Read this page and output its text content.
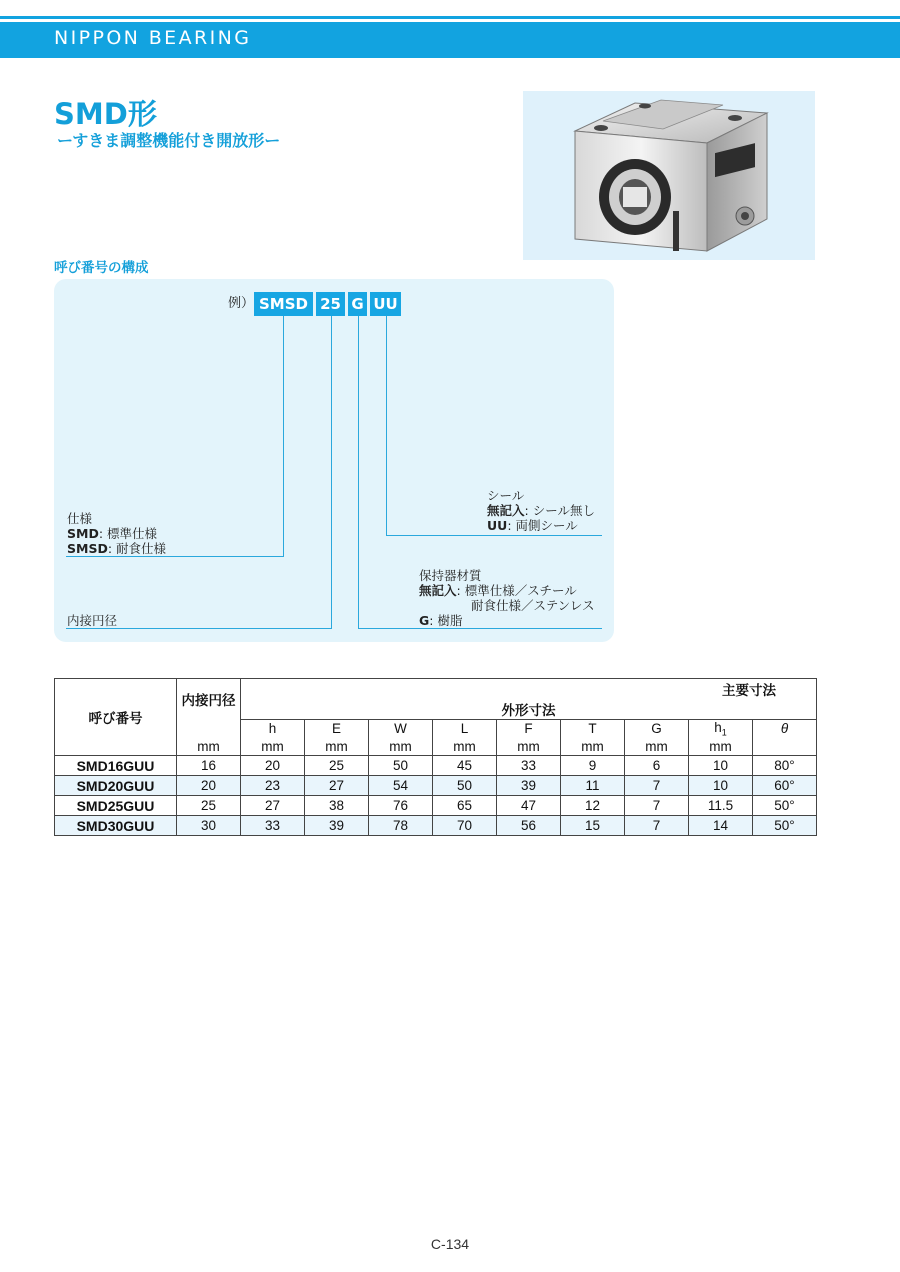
NIPPON BEARING
SMD形
ーすきま調整機能付き開放形ー
呼び番号の構成
例） SMSD 25 G UU
仕様
SMD: 標準仕様
SMSD: 耐食仕様
内接円径
シール
無記入: シール無し
UU: 両側シール
保持器材質
無記入: 標準仕様／スチール
耐食仕様／ステンレス
G: 樹脂
呼び番号	内接円径	主要寸法								
		外形寸法								
		h	E	W	L	F	T	G	$h_1$	θ
	mm	mm	mm	mm	mm	mm	mm	mm	mm	
SMD16GUU	16	20	25	50	45	33	9	6	10	80°
SMD20GUU	20	23	27	54	50	39	11	7	10	60°
SMD25GUU	25	27	38	76	65	47	12	7	11.5	50°
SMD30GUU	30	33	39	78	70	56	15	7	14	50°
C-134
